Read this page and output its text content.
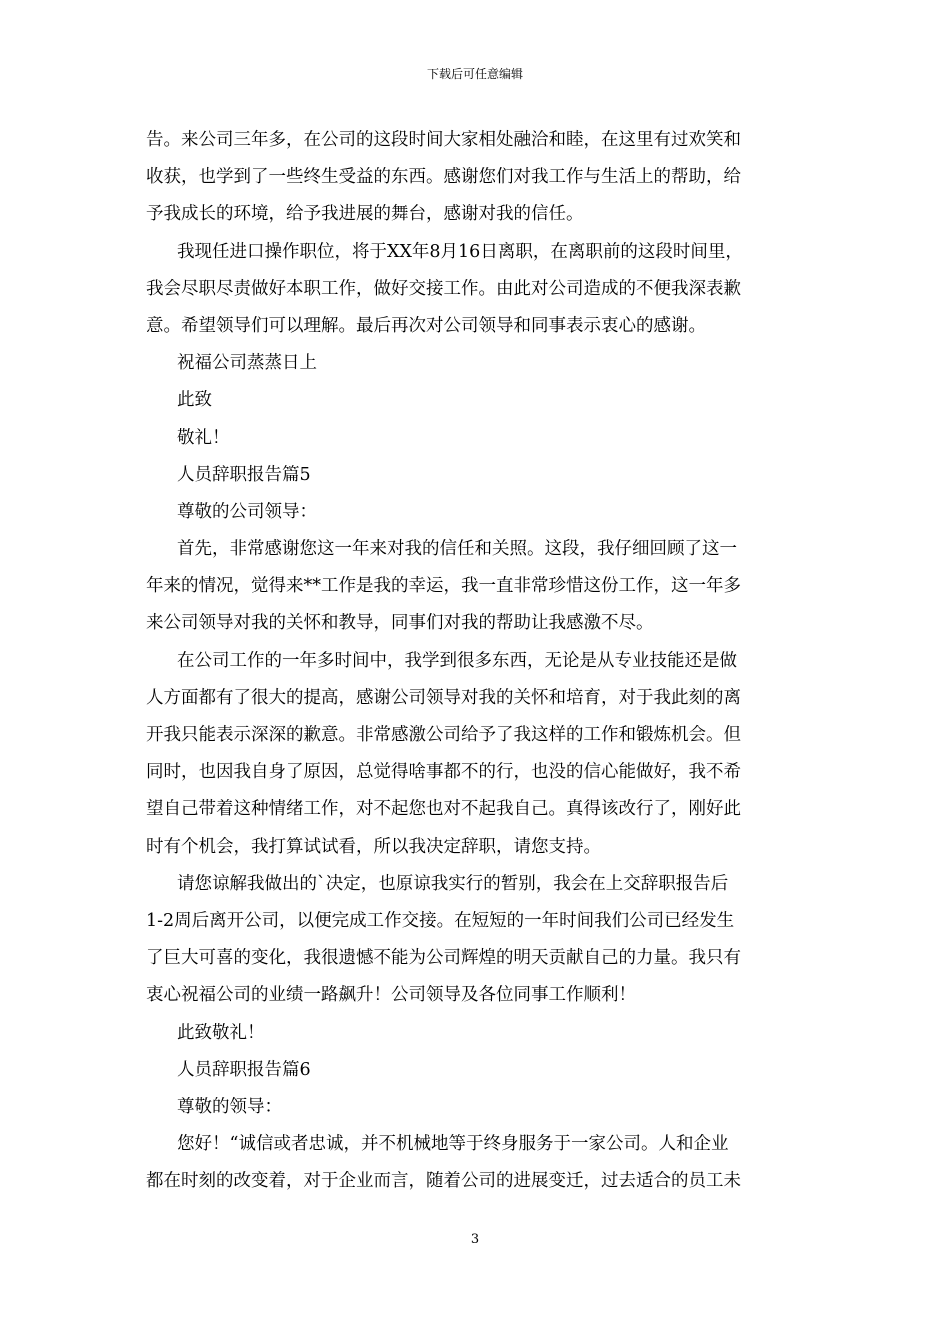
下载后可任意编辑
告。来公司三年多，在公司的这段时间大家相处融洽和睦，在这里有过欢笑和
收获，也学到了一些终生受益的东西。感谢您们对我工作与生活上的帮助，给
予我成长的环境，给予我进展的舞台，感谢对我的信任。
我现任进口操作职位，将于XX年8月16日离职，在离职前的这段时间里，
我会尽职尽责做好本职工作，做好交接工作。由此对公司造成的不便我深表歉
意。希望领导们可以理解。最后再次对公司领导和同事表示衷心的感谢。
祝福公司蒸蒸日上
此致
敬礼！
人员辞职报告篇5
尊敬的公司领导：
首先，非常感谢您这一年来对我的信任和关照。这段，我仔细回顾了这一
年来的情况，觉得来**工作是我的幸运，我一直非常珍惜这份工作，这一年多
来公司领导对我的关怀和教导，同事们对我的帮助让我感激不尽。
在公司工作的一年多时间中，我学到很多东西，无论是从专业技能还是做
人方面都有了很大的提高，感谢公司领导对我的关怀和培育，对于我此刻的离
开我只能表示深深的歉意。非常感激公司给予了我这样的工作和锻炼机会。但
同时，也因我自身了原因，总觉得啥事都不的行，也没的信心能做好，我不希
望自己带着这种情绪工作，对不起您也对不起我自己。真得该改行了，刚好此
时有个机会，我打算试试看，所以我决定辞职，请您支持。
请您谅解我做出的`决定，也原谅我实行的暂别，我会在上交辞职报告后
1-2周后离开公司，以便完成工作交接。在短短的一年时间我们公司已经发生
了巨大可喜的变化，我很遗憾不能为公司辉煌的明天贡献自己的力量。我只有
衷心祝福公司的业绩一路飙升！公司领导及各位同事工作顺利！
此致敬礼！
人员辞职报告篇6
尊敬的领导：
您好！“诚信或者忠诚，并不机械地等于终身服务于一家公司。人和企业
都在时刻的改变着，对于企业而言，随着公司的进展变迁，过去适合的员工未
3
